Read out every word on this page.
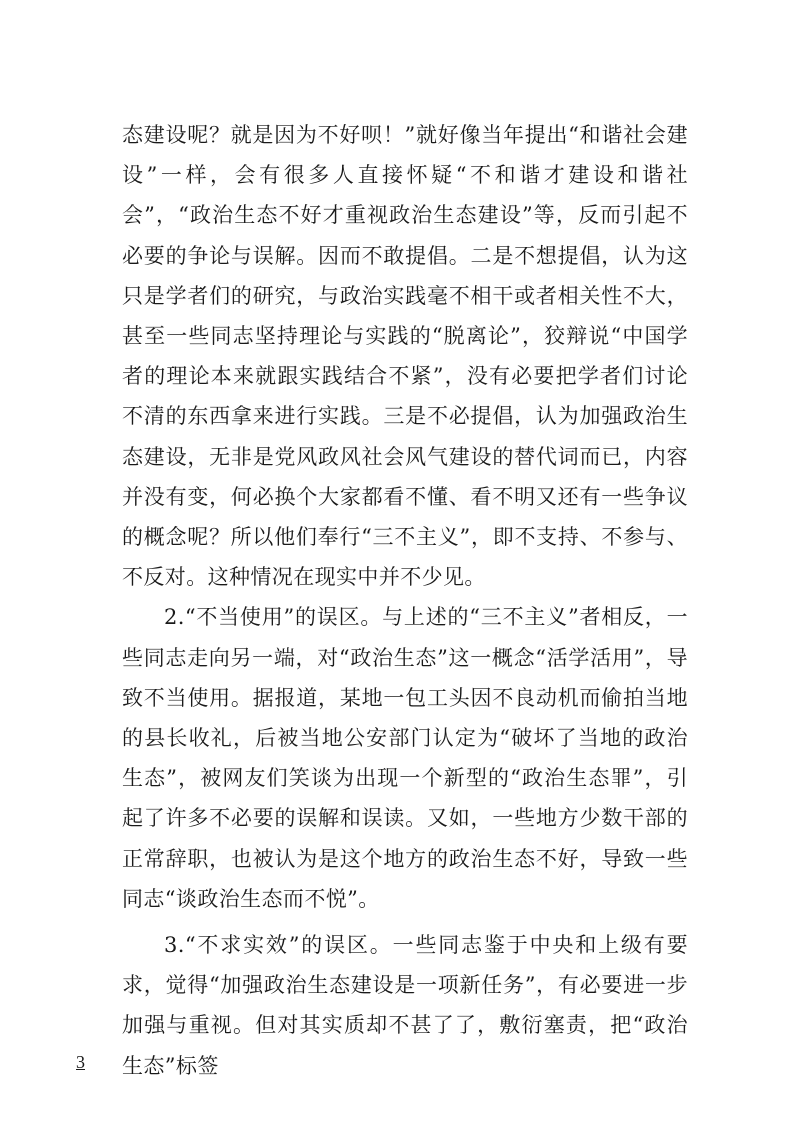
态建设呢？就是因为不好呗！”就好像当年提出“和谐社会建设”一样，会有很多人直接怀疑“不和谐才建设和谐社会”，“政治生态不好才重视政治生态建设”等，反而引起不必要的争论与误解。因而不敢提倡。二是不想提倡，认为这只是学者们的研究，与政治实践毫不相干或者相关性不大，甚至一些同志坚持理论与实践的“脱离论”，狡辩说“中国学者的理论本来就跟实践结合不紧”，没有必要把学者们讨论不清的东西拿来进行实践。三是不必提倡，认为加强政治生态建设，无非是党风政风社会风气建设的替代词而已，内容并没有变，何必换个大家都看不懂、看不明又还有一些争议的概念呢？所以他们奉行“三不主义”，即不支持、不参与、不反对。这种情况在现实中并不少见。

2.“不当使用”的误区。与上述的“三不主义”者相反，一些同志走向另一端，对“政治生态”这一概念“活学活用”，导致不当使用。据报道，某地一包工头因不良动机而偷拍当地的县长收礼，后被当地公安部门认定为“破坏了当地的政治生态”，被网友们笑谈为出现一个新型的“政治生态罪”，引起了许多不必要的误解和误读。又如，一些地方少数干部的正常辞职，也被认为是这个地方的政治生态不好，导致一些同志“谈政治生态而不悦”。

3.“不求实效”的误区。一些同志鉴于中央和上级有要求，觉得“加强政治生态建设是一项新任务”，有必要进一步加强与重视。但对其实质却不甚了了，敷衍塞责，把“政治生态”标签

3
